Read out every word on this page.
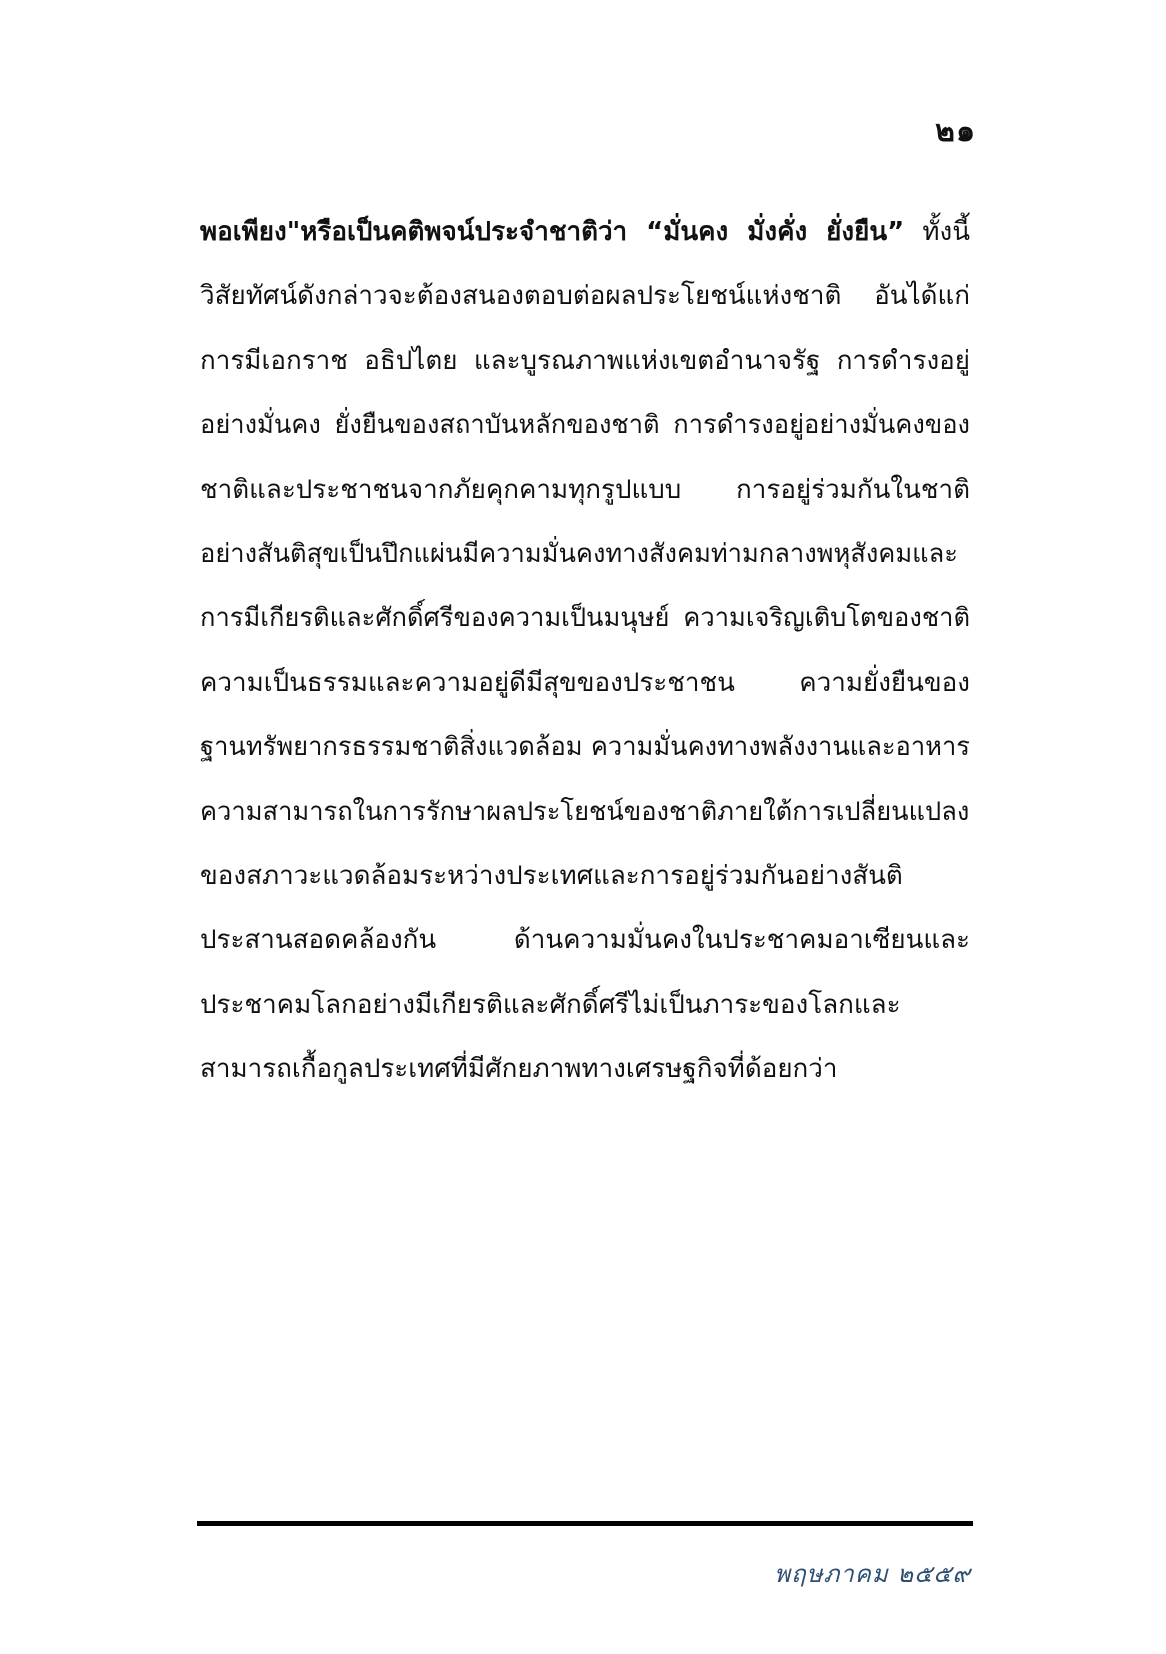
๒๑
พอเพียง"หรือเป็นคติพจน์ประจำชาติว่า “มั่นคง มั่งคั่ง ยั่งยืน” ทั้งนี้
วิสัยทัศน์ดังกล่าวจะต้องสนองตอบต่อผลประโยชน์แห่งชาติ อันได้แก่
การมีเอกราช อธิปไตย และบูรณภาพแห่งเขตอำนาจรัฐ การดำรงอยู่
อย่างมั่นคง ยั่งยืนของสถาบันหลักของชาติ การดำรงอยู่อย่างมั่นคงของ
ชาติและประชาชนจากภัยคุกคามทุกรูปแบบ การอยู่ร่วมกันในชาติ
อย่างสันติสุขเป็นปึกแผ่นมีความมั่นคงทางสังคมท่ามกลางพหุสังคมและ
การมีเกียรติและศักดิ์ศรีของความเป็นมนุษย์ ความเจริญเติบโตของชาติ
ความเป็นธรรมและความอยู่ดีมีสุขของประชาชน ความยั่งยืนของ
ฐานทรัพยากรธรรมชาติสิ่งแวดล้อม ความมั่นคงทางพลังงานและอาหาร
ความสามารถในการรักษาผลประโยชน์ของชาติภายใต้การเปลี่ยนแปลง
ของสภาวะแวดล้อมระหว่างประเทศและการอยู่ร่วมกันอย่างสันติ
ประสานสอดคล้องกัน ด้านความมั่นคงในประชาคมอาเซียนและ
ประชาคมโลกอย่างมีเกียรติและศักดิ์ศรีไม่เป็นภาระของโลกและ
สามารถเกื้อกูลประเทศที่มีศักยภาพทางเศรษฐกิจที่ด้อยกว่า
พฤษภาคม ๒๕๕๙
